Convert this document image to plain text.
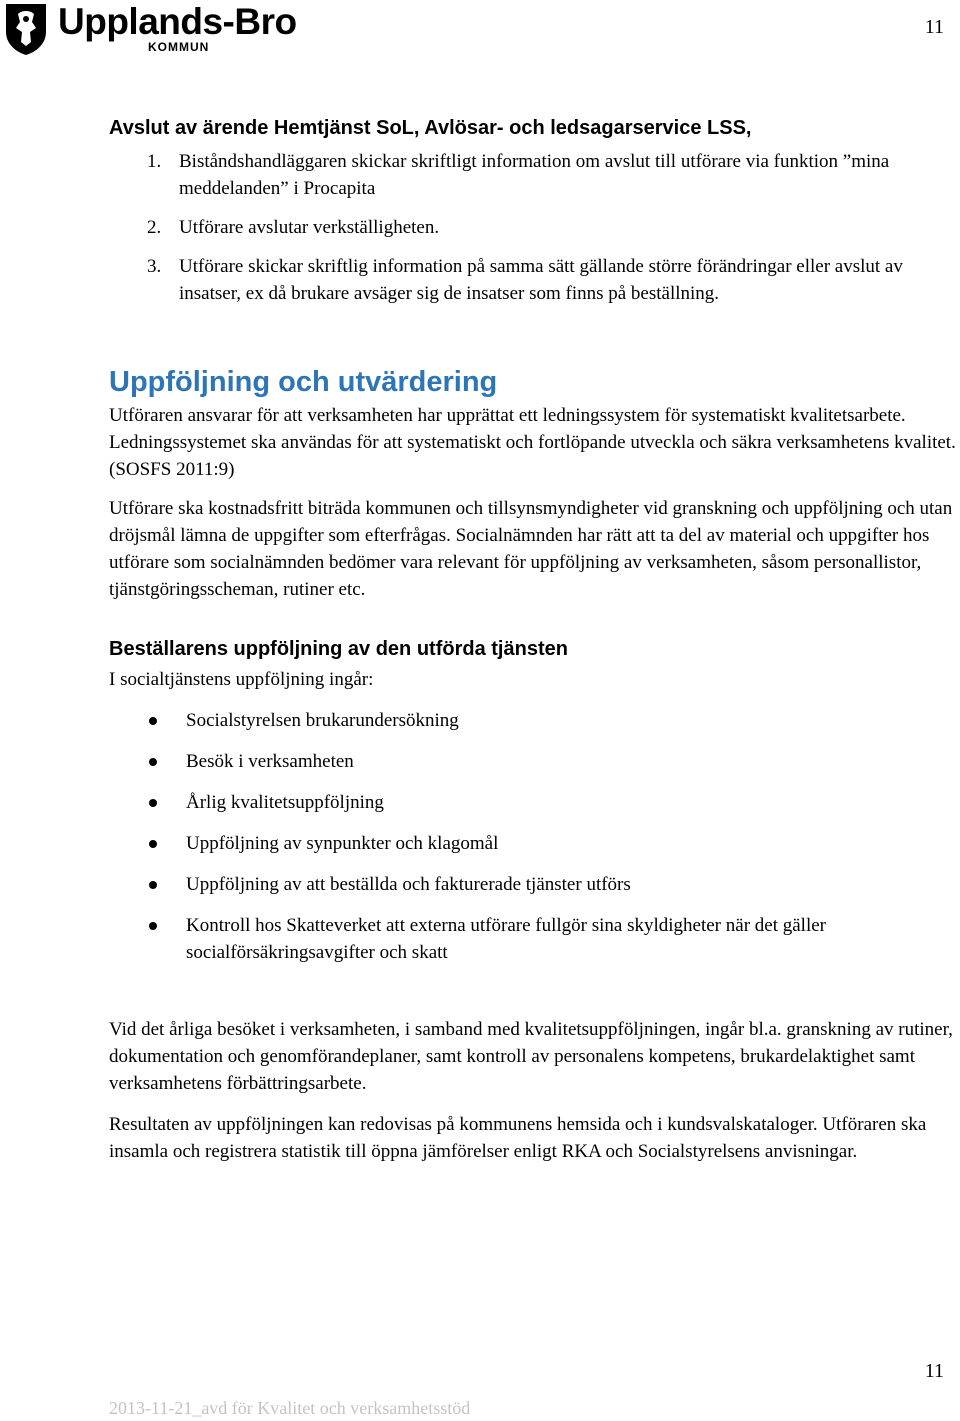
Upplands-Bro
KOMMUN
11
Avslut av ärende Hemtjänst SoL, Avlösar- och ledsagarservice LSS,
1. Biståndshandläggaren skickar skriftligt information om avslut till utförare via funktion ”mina meddelanden” i Procapita
2. Utförare avslutar verkställigheten.
3. Utförare skickar skriftlig information på samma sätt gällande större förändringar eller avslut av insatser, ex då brukare avsäger sig de insatser som finns på beställning.
Uppföljning och utvärdering

Utföraren ansvarar för att verksamheten har upprättat ett ledningssystem för systematiskt kvalitetsarbete. Ledningssystemet ska användas för att systematiskt och fortlöpande utveckla och säkra verksamhetens kvalitet. (SOSFS 2011:9)

Utförare ska kostnadsfritt biträda kommunen och tillsynsmyndigheter vid granskning och uppföljning och utan dröjsmål lämna de uppgifter som efterfrågas. Socialnämnden har rätt att ta del av material och uppgifter hos utförare som socialnämnden bedömer vara relevant för uppföljning av verksamheten, såsom personallistor, tjänstgöringsscheman, rutiner etc.

Beställarens uppföljning av den utförda tjänsten

I socialtjänstens uppföljning ingår:

Socialstyrelsen brukarundersökning
Besök i verksamheten
Årlig kvalitetsuppföljning
Uppföljning av synpunkter och klagomål
Uppföljning av att beställda och fakturerade tjänster utförs
Kontroll hos Skatteverket att externa utförare fullgör sina skyldigheter när det gäller socialförsäkringsavgifter och skatt

Vid det årliga besöket i verksamheten, i samband med kvalitetsuppföljningen, ingår bl.a. granskning av rutiner, dokumentation och genomförandeplaner, samt kontroll av personalens kompetens, brukardelaktighet samt verksamhetens förbättringsarbete.

Resultaten av uppföljningen kan redovisas på kommunens hemsida och i kundsvalskataloger. Utföraren ska insamla och registrera statistik till öppna jämförelser enligt RKA och Socialstyrelsens anvisningar.

11
2013-11-21_avd för Kvalitet och verksamhetsstöd
